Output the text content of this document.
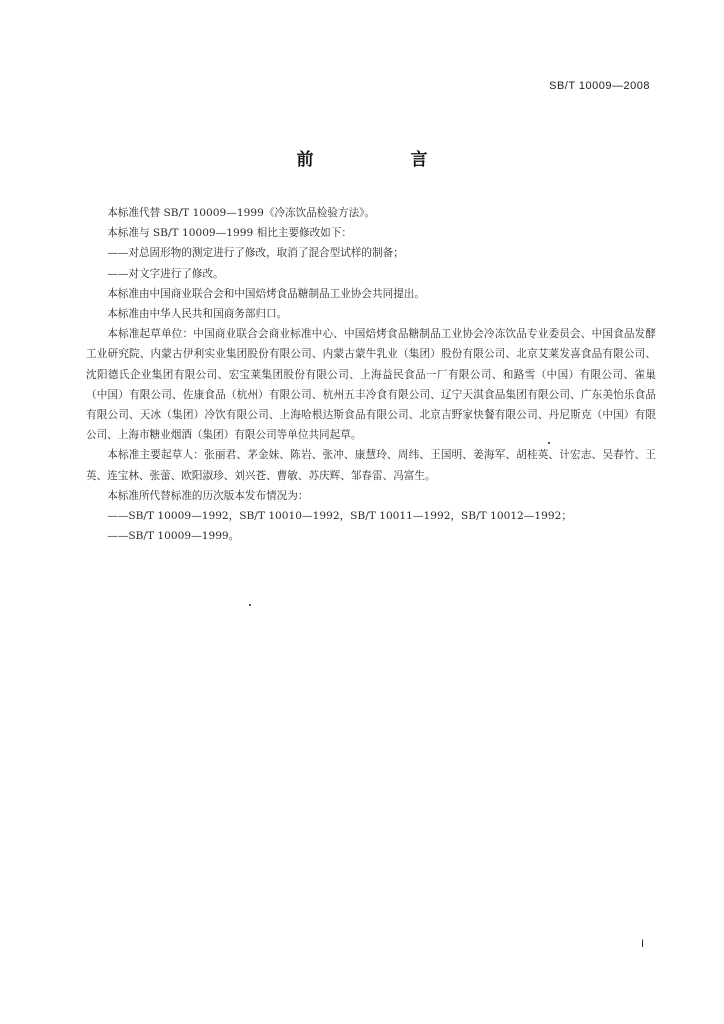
SB/T 10009—2008
前　言

本标准代替 SB/T 10009—1999《冷冻饮品检验方法》。

本标准与 SB/T 10009—1999 相比主要修改如下：

——对总固形物的测定进行了修改，取消了混合型试样的制备；

——对文字进行了修改。

本标准由中国商业联合会和中国焙烤食品糖制品工业协会共同提出。

本标准由中华人民共和国商务部归口。

本标准起草单位：中国商业联合会商业标准中心、中国焙烤食品糖制品工业协会冷冻饮品专业委员会、中国食品发酵工业研究院、内蒙古伊利实业集团股份有限公司、内蒙古蒙牛乳业（集团）股份有限公司、北京艾莱发喜食品有限公司、沈阳德氏企业集团有限公司、宏宝莱集团股份有限公司、上海益民食品一厂有限公司、和路雪（中国）有限公司、雀巢（中国）有限公司、佐康食品（杭州）有限公司、杭州五丰冷食有限公司、辽宁天淇食品集团有限公司、广东美怡乐食品有限公司、天冰（集团）冷饮有限公司、上海哈根达斯食品有限公司、北京吉野家快餐有限公司、丹尼斯克（中国）有限公司、上海市糖业烟酒（集团）有限公司等单位共同起草。

本标准主要起草人：张丽君、茅金妹、陈岩、张冲、康慧玲、周纬、王国明、姜海军、胡桂英、计宏志、吴春竹、王英、连宝林、张蕾、欧阳淑珍、刘兴苍、曹敏、苏庆辉、邹春雷、冯富生。

本标准所代替标准的历次版本发布情况为：

——SB/T 10009—1992，SB/T 10010—1992，SB/T 10011—1992，SB/T 10012—1992；

——SB/T 10009—1999。

I
